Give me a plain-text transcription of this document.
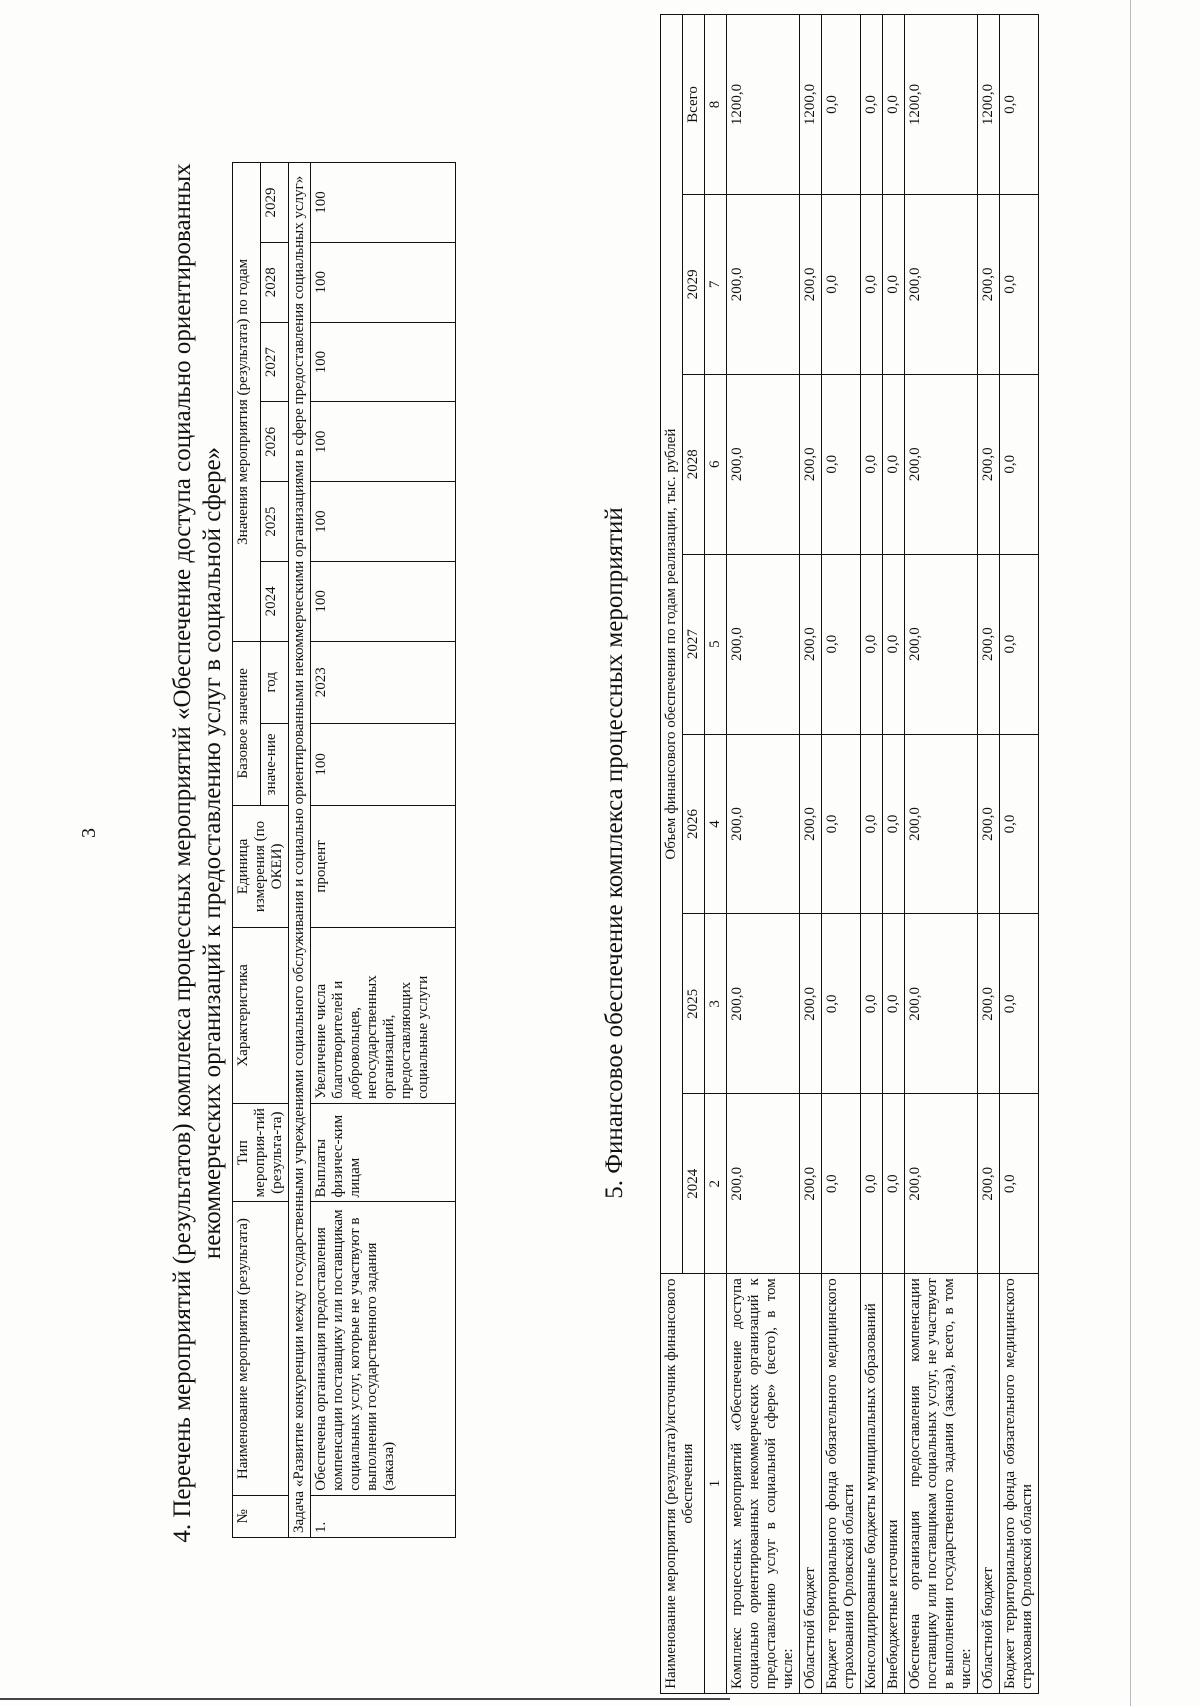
3	4. Перечень мероприятий (результатов) комплекса процессных мероприятий «Обеспечение доступа социально ориентированных некоммерческих организаций к предоставлению услуг в социальной сфере»
№	Наименование мероприятия (результата)	Тип мероприя-тий (результа-та)	Характеристика	Единица измерения (по ОКЕИ)	Базовое значение		Значения мероприятия (результата) по годам					
					значе-ние	год	2024	2025	2026	2027	2028	2029
Задача «Развитие конкуренции между государственными учреждениями социального обслуживания и социально ориентированными некоммерческими организациями в сфере предоставления социальных услуг»												
1.	Обеспечена организация предоставления компенсации поставщику или поставщикам социальных услуг, которые не участвуют в выполнении государственного задания (заказа)	Выплаты физичес-ким лицам	Увеличение числа благотворителей и добровольцев, негосударственных организаций, предоставляющих социальные услуги	процент	100	2023	100	100	100	100	100	100
5. Финансовое обеспечение комплекса процессных мероприятий
Наименование мероприятия (результата)/источник финансового обеспечения	Объем финансового обеспечения по годам реализации, тыс. рублей						
	2024	2025	2026	2027	2028	2029	Всего
1	2	3	4	5	6	7	8
Комплекс процессных мероприятий «Обеспечение доступа социально ориентированных некоммерческих организаций к предоставлению услуг в социальной сфере» (всего), в том числе:	200,0	200,0	200,0	200,0	200,0	200,0	1200,0
Областной бюджет	200,0	200,0	200,0	200,0	200,0	200,0	1200,0
Бюджет территориального фонда обязательного медицинского страхования Орловской области	0,0	0,0	0,0	0,0	0,0	0,0	0,0
Консолидированные бюджеты муниципальных образований	0,0	0,0	0,0	0,0	0,0	0,0	0,0
Внебюджетные источники	0,0	0,0	0,0	0,0	0,0	0,0	0,0
Обеспечена организация предоставления компенсации поставщику или поставщикам социальных услуг, не участвуют в выполнении государственного задания (заказа), всего, в том числе:	200,0	200,0	200,0	200,0	200,0	200,0	1200,0
Областной бюджет	200,0	200,0	200,0	200,0	200,0	200,0	1200,0
Бюджет территориального фонда обязательного медицинского страхования Орловской области	0,0	0,0	0,0	0,0	0,0	0,0	0,0
